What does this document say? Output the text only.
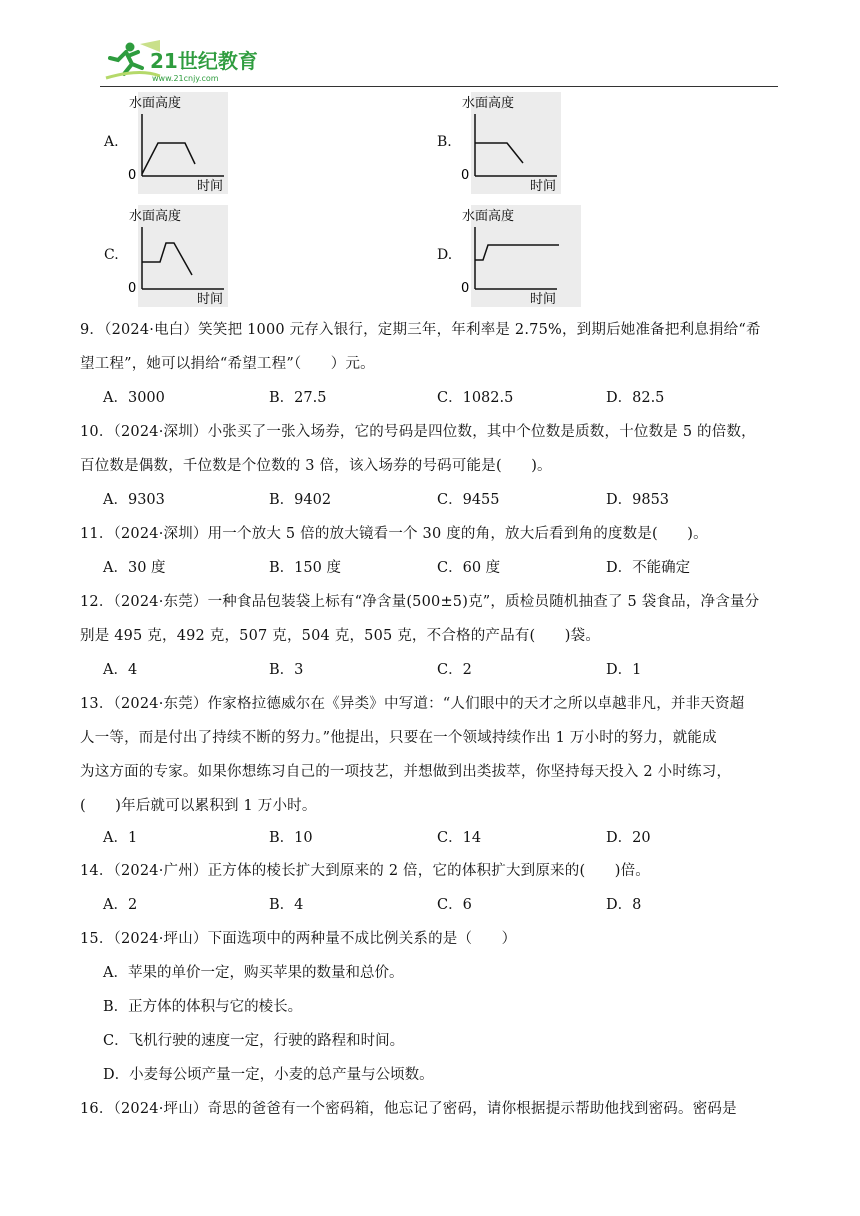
21世纪教育
www.21cnjy.com
A.
水面高度
0
时间
B.
水面高度
0
时间
C.
水面高度
0
时间
D.
水面高度
0
时间
9．（2024·电白）笑笑把 1000 元存入银行，定期三年，年利率是 2.75%，到期后她准备把利息捐给“希
望工程”，她可以捐给“希望工程”（　　）元。
A．3000	B．27.5	C．1082.5	D．82.5
10．（2024·深圳）小张买了一张入场券，它的号码是四位数，其中个位数是质数，十位数是 5 的倍数，
百位数是偶数，千位数是个位数的 3 倍，该入场券的号码可能是(　　)。
A．9303	B．9402	C．9455	D．9853
11．（2024·深圳）用一个放大 5 倍的放大镜看一个 30 度的角，放大后看到角的度数是(　　)。
A．30 度	B．150 度	C．60 度	D．不能确定
12．（2024·东莞）一种食品包装袋上标有“净含量(500±5)克”，质检员随机抽查了 5 袋食品，净含量分
别是 495 克，492 克，507 克，504 克，505 克，不合格的产品有(　　)袋。
A．4	B．3	C．2	D．1
13．（2024·东莞）作家格拉德威尔在《异类》中写道：“人们眼中的天才之所以卓越非凡，并非天资超
人一等，而是付出了持续不断的努力。”他提出，只要在一个领域持续作出 1 万小时的努力，就能成
为这方面的专家。如果你想练习自己的一项技艺，并想做到出类拔萃，你坚持每天投入 2 小时练习，
(　　)年后就可以累积到 1 万小时。
A．1	B．10	C．14	D．20
14．（2024·广州）正方体的棱长扩大到原来的 2 倍，它的体积扩大到原来的(　　)倍。
A．2	B．4	C．6	D．8
15．（2024·坪山）下面选项中的两种量不成比例关系的是（　　）
A．苹果的单价一定，购买苹果的数量和总价。
B．正方体的体积与它的棱长。
C．飞机行驶的速度一定，行驶的路程和时间。
D．小麦每公顷产量一定，小麦的总产量与公顷数。
16．（2024·坪山）奇思的爸爸有一个密码箱，他忘记了密码，请你根据提示帮助他找到密码。密码是
